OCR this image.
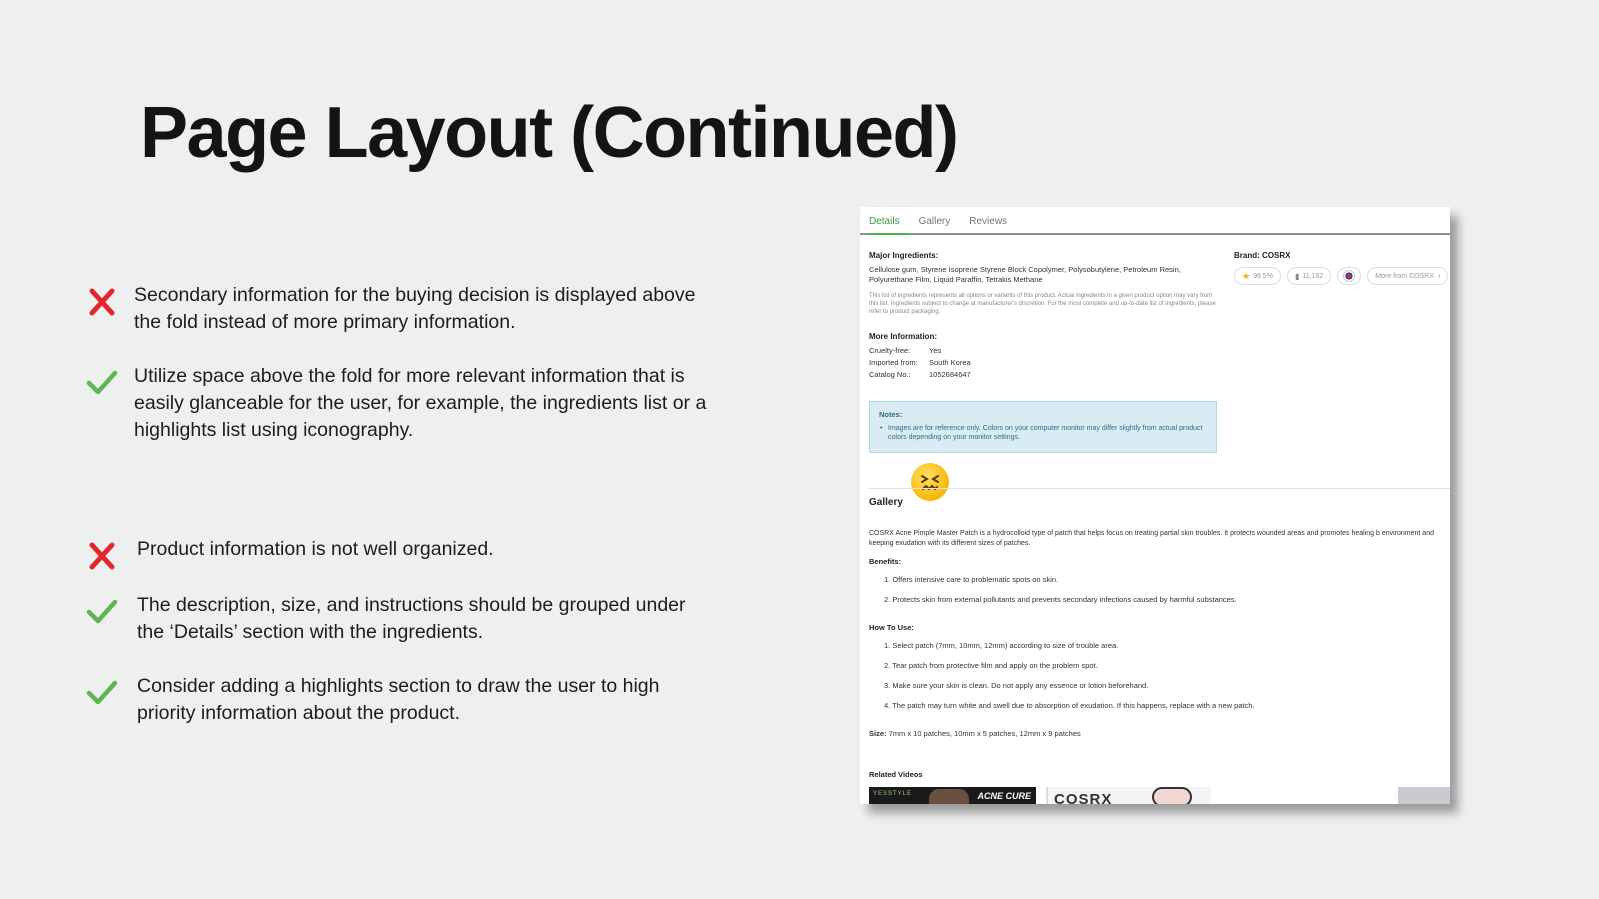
Page Layout (Continued)
Secondary information for the buying decision is displayed above the fold instead of more primary information.
Utilize space above the fold for more relevant information that is easily glanceable for the user, for example, the ingredients list or a highlights list using iconography.
Product information is not well organized.
The description, size, and instructions should be grouped under the ‘Details’ section with the ingredients.
Consider adding a highlights section to draw the user to high priority information about the product.
Details	Gallery	Reviews
Major Ingredients:
Cellulose gum, Styrene Isoprene Styrene Block Copolymer, Polysobutylene, Petroleum Resin, Polyurethane Film, Liquid Paraffin, Tetrakis Methane
This list of ingredients represents all options or variants of this product. Actual ingredients in a given product option may vary from this list. Ingredients subject to change at manufacturer's discretion. For the most complete and up-to-date list of ingredients, please refer to product packaging.
More Information:
Cruelty-free:	Yes
Imported from:	South Korea
Catalog No.:	1052684647
Brand: COSRX
★ 96.5%	▮ 11,162	More from COSRX ›
Notes:
• Images are for reference only. Colors on your computer monitor may differ slightly from actual product colors depending on your monitor settings.
Gallery
COSRX Acne Pimple Master Patch is a hydrocolloid type of patch that helps focus on treating partial skin troubles. It protects wounded areas and promotes healing b environment and keeping exudation with its different sizes of patches.
Benefits:
1. Offers intensive care to problematic spots on skin.
2. Protects skin from external pollutants and prevents secondary infections caused by harmful substances.
How To Use:
1. Select patch (7mm, 10mm, 12mm) according to size of trouble area.
2. Tear patch from protective film and apply on the problem spot.
3. Make sure your skin is clean. Do not apply any essence or lotion beforehand.
4. The patch may turn white and swell due to absorption of exudation. If this happens, replace with a new patch.
Size: 7mm x 10 patches, 10mm x 5 patches, 12mm x 9 patches
Related Videos
YESSTYLE	ACNE CURE COSRX
